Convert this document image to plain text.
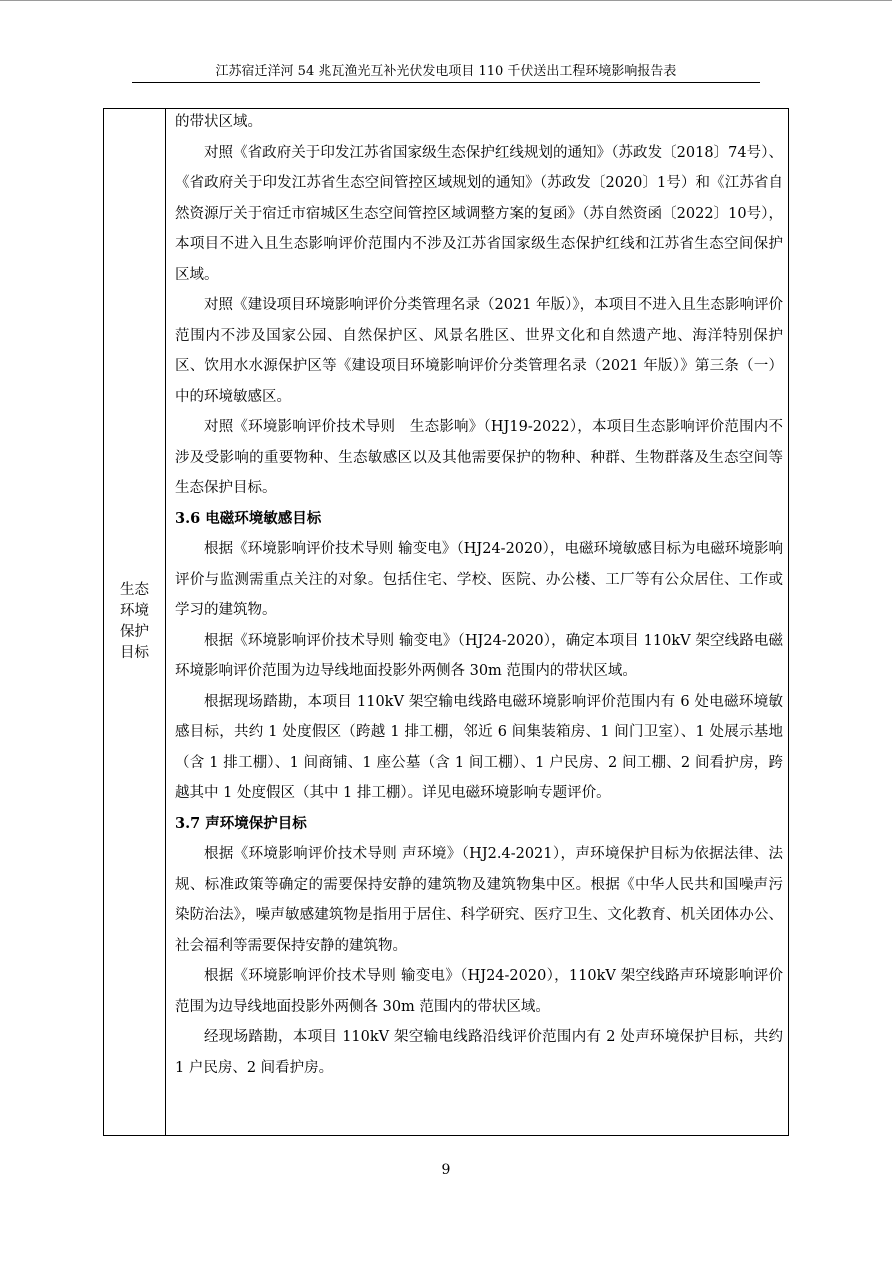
江苏宿迁洋河 54 兆瓦渔光互补光伏发电项目 110 千伏送出工程环境影响报告表
生态
环境
保护
目标

的带状区域。

对照《省政府关于印发江苏省国家级生态保护红线规划的通知》（苏政发〔2018〕74号）、《省政府关于印发江苏省生态空间管控区域规划的通知》（苏政发〔2020〕1号）和《江苏省自然资源厅关于宿迁市宿城区生态空间管控区域调整方案的复函》（苏自然资函〔2022〕10号），本项目不进入且生态影响评价范围内不涉及江苏省国家级生态保护红线和江苏省生态空间保护区域。

对照《建设项目环境影响评价分类管理名录（2021 年版）》，本项目不进入且生态影响评价范围内不涉及国家公园、自然保护区、风景名胜区、世界文化和自然遗产地、海洋特别保护区、饮用水水源保护区等《建设项目环境影响评价分类管理名录（2021 年版）》第三条（一）中的环境敏感区。

对照《环境影响评价技术导则　生态影响》（HJ19-2022），本项目生态影响评价范围内不涉及受影响的重要物种、生态敏感区以及其他需要保护的物种、种群、生物群落及生态空间等生态保护目标。

3.6 电磁环境敏感目标

根据《环境影响评价技术导则 输变电》（HJ24-2020），电磁环境敏感目标为电磁环境影响评价与监测需重点关注的对象。包括住宅、学校、医院、办公楼、工厂等有公众居住、工作或学习的建筑物。

根据《环境影响评价技术导则 输变电》（HJ24-2020），确定本项目 110kV 架空线路电磁环境影响评价范围为边导线地面投影外两侧各 30m 范围内的带状区域。

根据现场踏勘，本项目 110kV 架空输电线路电磁环境影响评价范围内有 6 处电磁环境敏感目标，共约 1 处度假区（跨越 1 排工棚，邻近 6 间集装箱房、1 间门卫室）、1 处展示基地（含 1 排工棚）、1 间商铺、1 座公墓（含 1 间工棚）、1 户民房、2 间工棚、2 间看护房，跨越其中 1 处度假区（其中 1 排工棚）。详见电磁环境影响专题评价。

3.7 声环境保护目标

根据《环境影响评价技术导则 声环境》（HJ2.4-2021），声环境保护目标为依据法律、法规、标准政策等确定的需要保持安静的建筑物及建筑物集中区。根据《中华人民共和国噪声污染防治法》，噪声敏感建筑物是指用于居住、科学研究、医疗卫生、文化教育、机关团体办公、社会福利等需要保持安静的建筑物。

根据《环境影响评价技术导则 输变电》（HJ24-2020），110kV 架空线路声环境影响评价范围为边导线地面投影外两侧各 30m 范围内的带状区域。

经现场踏勘，本项目 110kV 架空输电线路沿线评价范围内有 2 处声环境保护目标，共约 1 户民房、2 间看护房。

9
